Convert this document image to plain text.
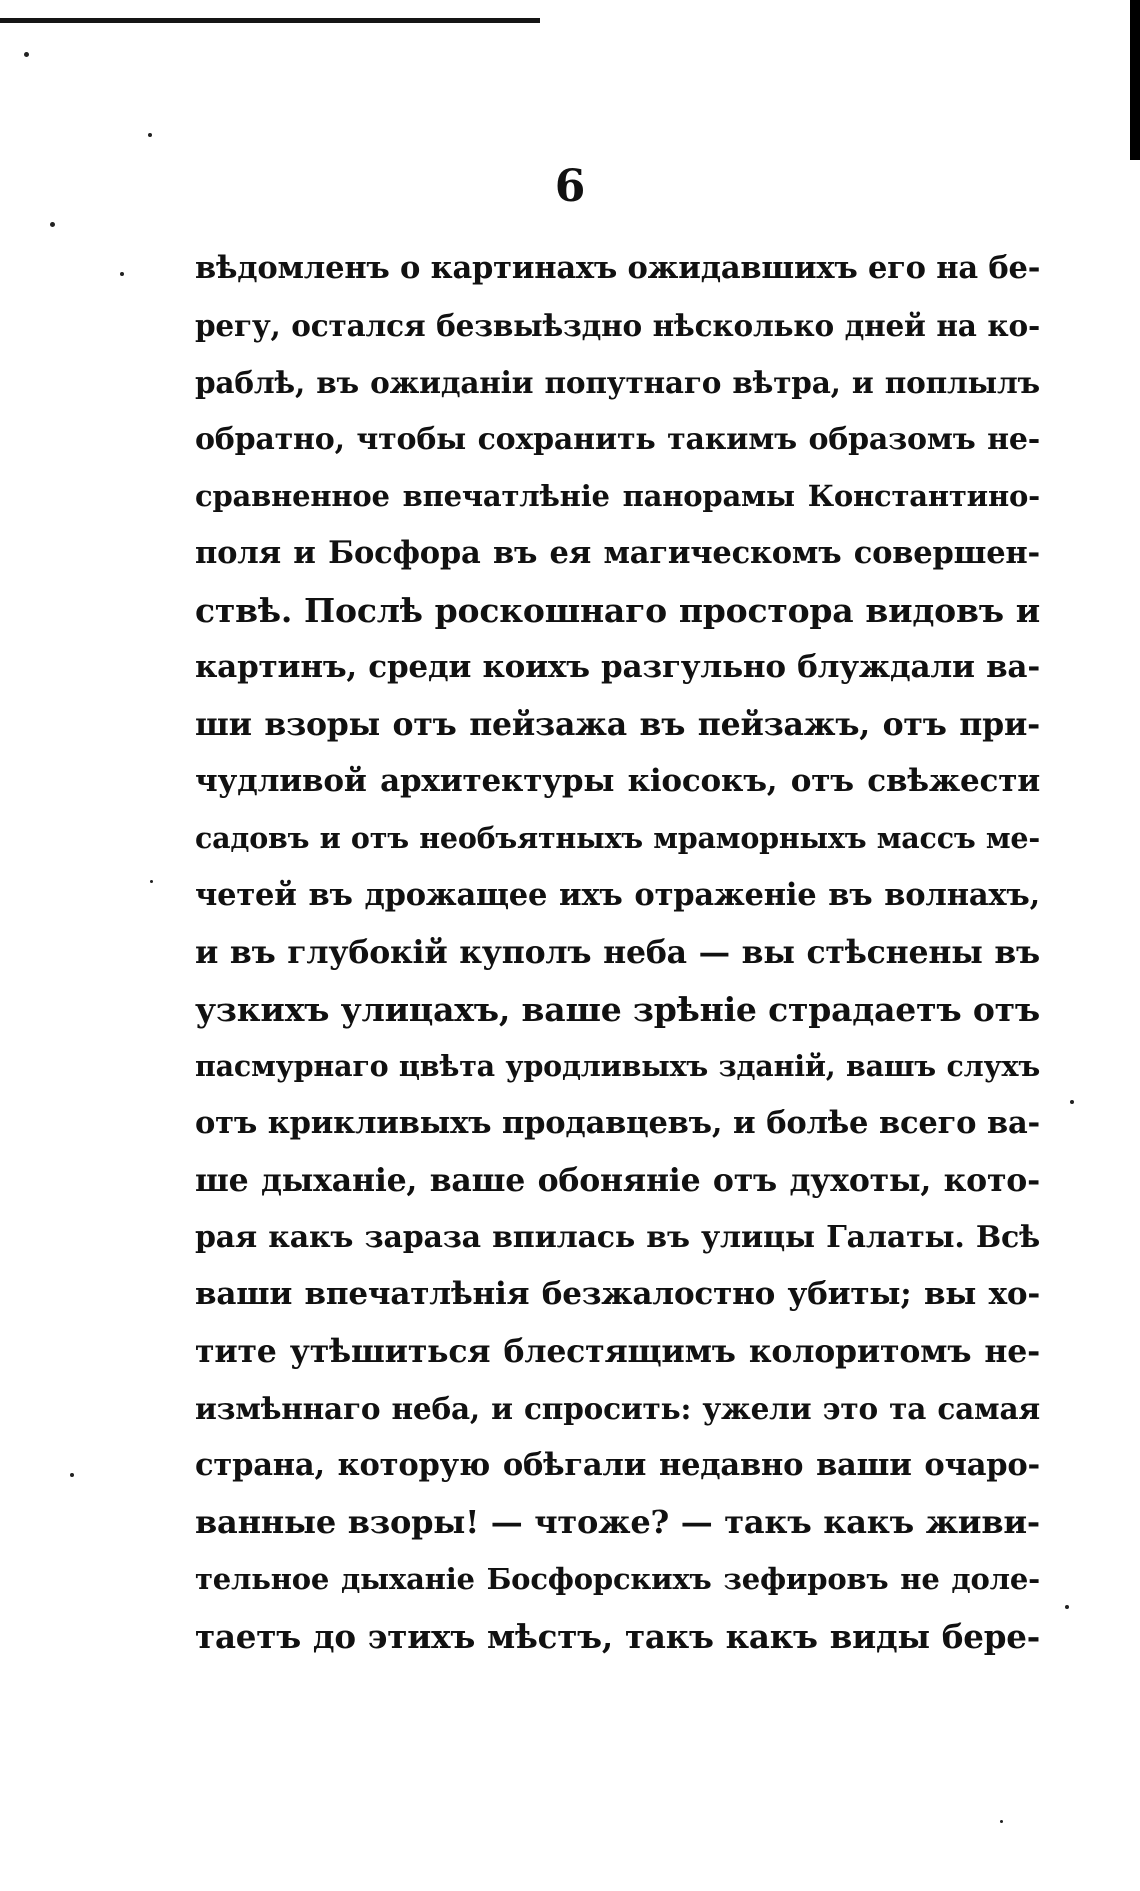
6
вѣдомленъ о картинахъ ожидавшихъ его на бе-
регу, остался безвыѣздно нѣсколько дней на ко-
раблѣ, въ ожиданіи попутнаго вѣтра, и поплылъ
обратно, чтобы сохранить такимъ образомъ не-
сравненное впечатлѣніе панорамы Константино-
поля и Босфора въ ея магическомъ совершен-
ствѣ. Послѣ роскошнаго простора видовъ и
картинъ, среди коихъ разгульно блуждали ва-
ши взоры отъ пейзажа въ пейзажъ, отъ при-
чудливой архитектуры кіосокъ, отъ свѣжести
садовъ и отъ необъятныхъ мраморныхъ массъ ме-
четей въ дрожащее ихъ отраженіе въ волнахъ,
и въ глубокій куполъ неба — вы стѣснены въ
узкихъ улицахъ, ваше зрѣніе страдаетъ отъ
пасмурнаго цвѣта уродливыхъ зданій, вашъ слухъ
отъ крикливыхъ продавцевъ, и болѣе всего ва-
ше дыханіе, ваше обоняніе отъ духоты, кото-
рая какъ зараза впилась въ улицы Галаты. Всѣ
ваши впечатлѣнія безжалостно убиты; вы хо-
тите утѣшиться блестящимъ колоритомъ не-
измѣннаго неба, и спросить: ужели это та самая
страна, которую обѣгали недавно ваши очаро-
ванные взоры! — чтоже? — такъ какъ живи-
тельное дыханіе Босфорскихъ зефировъ не доле-
таетъ до этихъ мѣстъ, такъ какъ виды бере-
